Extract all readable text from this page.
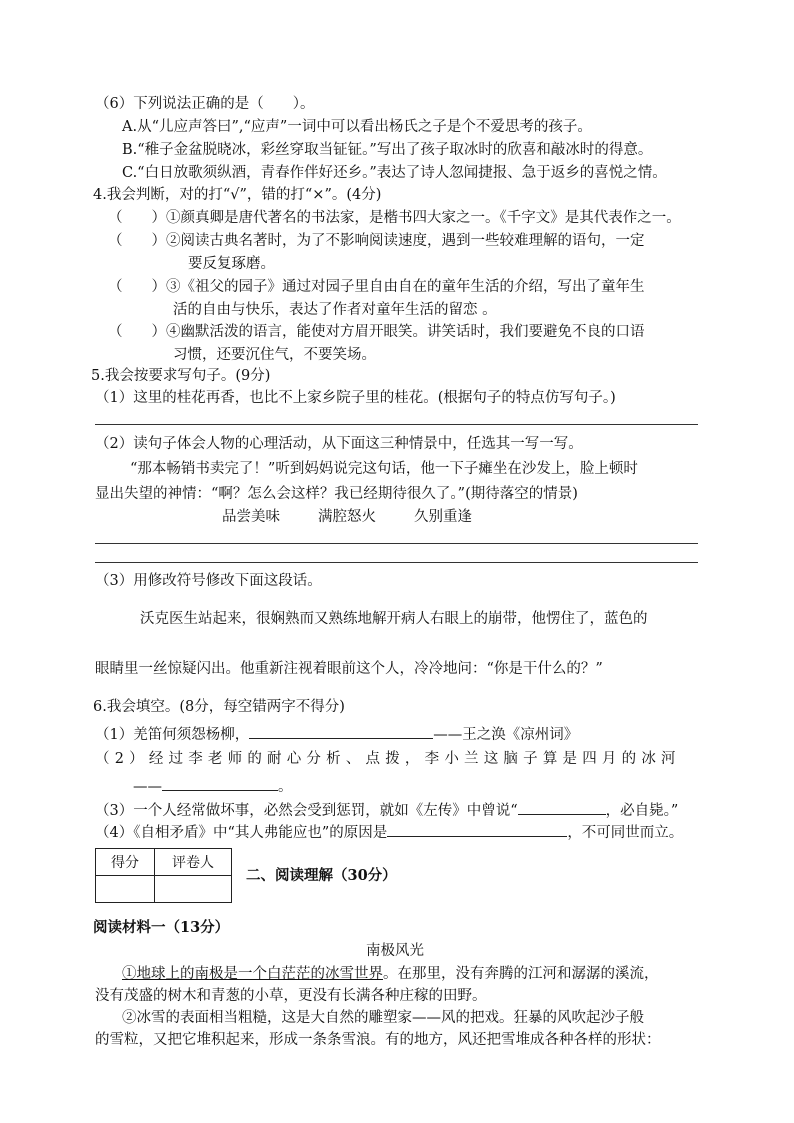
（6）下列说法正确的是（　　）。
A.从“儿应声答曰”,“应声”一词中可以看出杨氏之子是个不爱思考的孩子。
B.“稚子金盆脱晓冰，彩丝穿取当钲钲。”写出了孩子取冰时的欣喜和敲冰时的得意。
C.“白日放歌须纵酒，青春作伴好还乡。”表达了诗人忽闻捷报、急于返乡的喜悦之情。
4.我会判断，对的打“√”，错的打“×”。(4分)
（　　）①颜真卿是唐代著名的书法家，是楷书四大家之一。《千字文》是其代表作之一。
（　　）②阅读古典名著时，为了不影响阅读速度，遇到一些较难理解的语句，一定
要反复琢磨。
（　　）③《祖父的园子》通过对园子里自由自在的童年生活的介绍，写出了童年生
活的自由与快乐，表达了作者对童年生活的留恋 。
（　　）④幽默活泼的语言，能使对方眉开眼笑。讲笑话时，我们要避免不良的口语
习惯，还要沉住气，不要笑场。
5.我会按要求写句子。(9分)
（1）这里的桂花再香，也比不上家乡院子里的桂花。(根据句子的特点仿写句子。)
（2）读句子体会人物的心理活动，从下面这三种情景中，任选其一写一写。
“那本畅销书卖完了！”听到妈妈说完这句话，他一下子瘫坐在沙发上，脸上顿时
显出失望的神情：“啊？怎么会这样？我已经期待很久了。”(期待落空的情景)
品尝美味	满腔怒火	久别重逢
（3）用修改符号修改下面这段话。
沃克医生站起来，很娴熟而又熟练地解开病人右眼上的崩带，他愣住了，蓝色的
眼睛里一丝惊疑闪出。他重新注视着眼前这个人，冷冷地问：“你是干什么的？”
6.我会填空。(8分，每空错两字不得分)
（1）羌笛何须怨杨柳，	——王之涣《凉州词》
（2）经过李老师的耐心分析、点拨，李小兰这脑子算是四月的冰河
——	。
（3）一个人经常做坏事，必然会受到惩罚，就如《左传》中曾说“	，必自毙。”
（4）《自相矛盾》中“其人弗能应也”的原因是	，不可同世而立。
得分	评卷人

二、阅读理解（30分）
阅读材料一（13分）
南极风光
①地球上的南极是一个白茫茫的冰雪世界。在那里，没有奔腾的江河和潺潺的溪流，
没有茂盛的树木和青葱的小草，更没有长满各种庄稼的田野。
②冰雪的表面相当粗糙，这是大自然的雕塑家——风的把戏。狂暴的风吹起沙子般
的雪粒，又把它堆积起来，形成一条条雪浪。有的地方，风还把雪堆成各种各样的形状：
